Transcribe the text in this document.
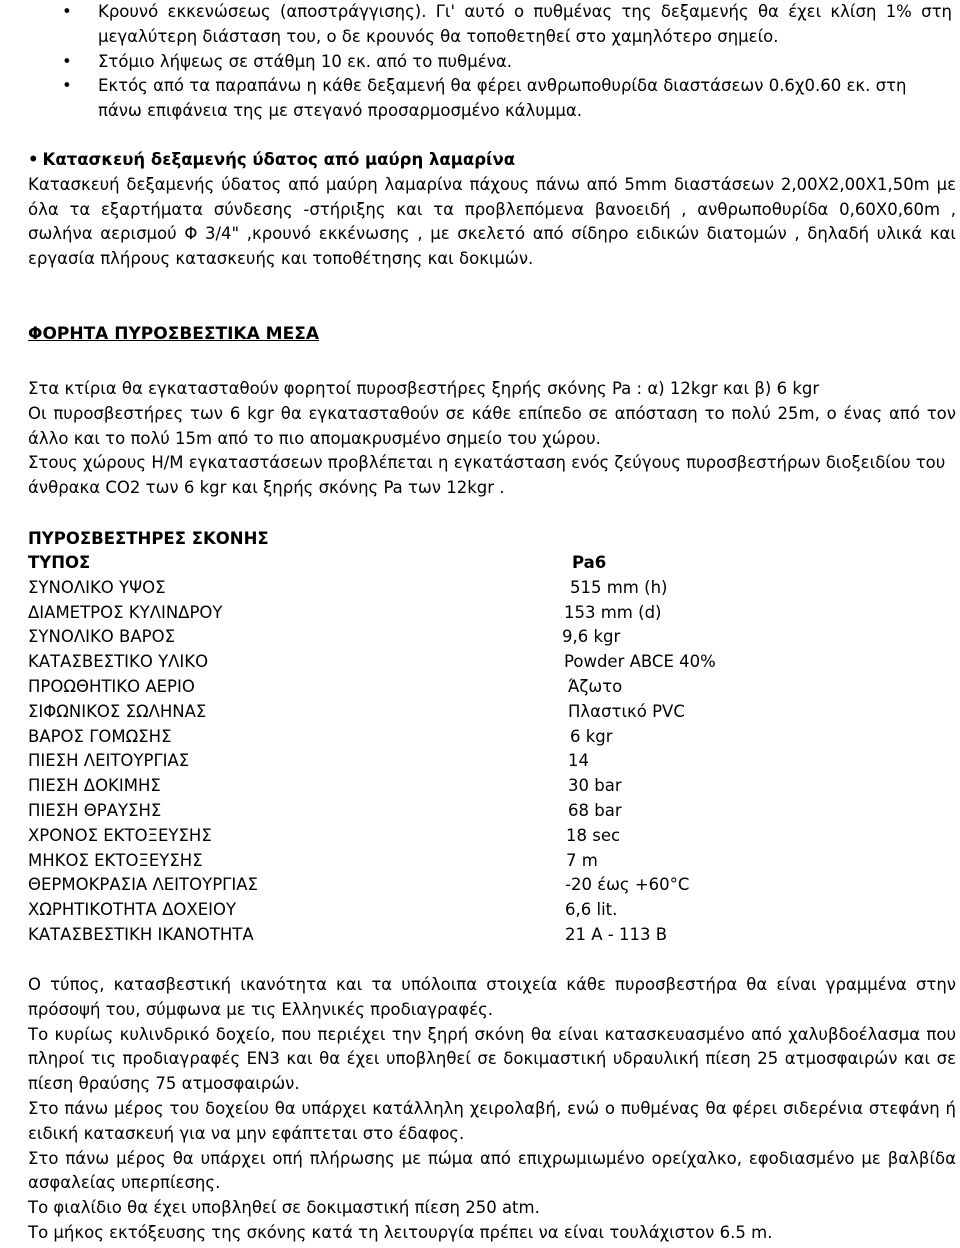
•	Κρουνό εκκενώσεως (αποστράγγισης). Γι' αυτό ο πυθμένας της δεξαμενής θα έχει κλίση 1% στη μεγαλύτερη διάσταση του, ο δε κρουνός θα τοποθετηθεί στο χαμηλότερο σημείο.
•	Στόμιο λήψεως σε στάθμη 10 εκ. από το πυθμένα.
•	Εκτός από τα παραπάνω η κάθε δεξαμενή θα φέρει ανθρωποθυρίδα διαστάσεων 0.6χ0.60 εκ. στη πάνω επιφάνεια της με στεγανό προσαρμοσμένο κάλυμμα.
• Κατασκευή δεξαμενής ύδατος από μαύρη λαμαρίνα
Κατασκευή δεξαμενής ύδατος από μαύρη λαμαρίνα πάχους πάνω από 5mm διαστάσεων 2,00Χ2,00Χ1,50m με όλα τα εξαρτήματα σύνδεσης -στήριξης και τα προβλεπόμενα βανοειδή , ανθρωποθυρίδα 0,60Χ0,60m , σωλήνα αερισμού Φ 3/4" ,κρουνό εκκένωσης , με σκελετό από σίδηρο ειδικών διατομών , δηλαδή υλικά και εργασία πλήρους κατασκευής και τοποθέτησης και δοκιμών.
ΦΟΡΗΤΑ ΠΥΡΟΣΒΕΣΤΙΚΑ ΜΕΣΑ
Στα κτίρια θα εγκατασταθούν φορητοί πυροσβεστήρες ξηρής σκόνης Pa : α) 12kgr και β) 6 kgr
Οι πυροσβεστήρες των 6 kgr θα εγκατασταθούν σε κάθε επίπεδο σε απόσταση το πολύ 25m, ο ένας από τον άλλο και το πολύ 15m από το πιο απομακρυσμένο σημείο του χώρου.
Στους χώρους Η/Μ εγκαταστάσεων προβλέπεται η εγκατάσταση ενός ζεύγους πυροσβεστήρων διοξειδίου του άνθρακα CO2 των 6 kgr και ξηρής σκόνης Pa των 12kgr .
ΠΥΡΟΣΒΕΣΤΗΡΕΣ ΣΚΟΝΗΣ
ΤΥΠΟΣ	Pa6
ΣΥΝΟΛΙΚΟ ΥΨΟΣ	515 mm (h)
ΔΙΑΜΕΤΡΟΣ ΚΥΛΙΝΔΡΟΥ	153 mm (d)
ΣΥΝΟΛΙΚΟ ΒΑΡΟΣ	9,6 kgr
ΚΑΤΑΣΒΕΣΤΙΚΟ ΥΛΙΚΟ	Powder ABCE 40%
ΠΡΟΩΘΗΤΙΚΟ ΑΕΡΙΟ	Άζωτο
ΣΙΦΩΝΙΚΟΣ ΣΩΛΗΝΑΣ	Πλαστικό PVC
ΒΑΡΟΣ ΓΟΜΩΣΗΣ	6 kgr
ΠΙΕΣΗ ΛΕΙΤΟΥΡΓΙΑΣ	14
ΠΙΕΣΗ ΔΟΚΙΜΗΣ	30 bar
ΠΙΕΣΗ ΘΡΑΥΣΗΣ	68 bar
ΧΡΟΝΟΣ ΕΚΤΟΞΕΥΣΗΣ	18 sec
ΜΗΚΟΣ ΕΚΤΟΞΕΥΣΗΣ	7 m
ΘΕΡΜΟΚΡΑΣΙΑ ΛΕΙΤΟΥΡΓΙΑΣ	-20 έως +60°C
ΧΩΡΗΤΙΚΟΤΗΤΑ ΔΟΧΕΙΟΥ	6,6 lit.
ΚΑΤΑΣΒΕΣΤΙΚΗ ΙΚΑΝΟΤΗΤΑ	21 A - 113 B
Ο τύπος, κατασβεστική ικανότητα και τα υπόλοιπα στοιχεία κάθε πυροσβεστήρα θα είναι γραμμένα στην πρόσοψή του, σύμφωνα με τις Ελληνικές προδιαγραφές.
Το κυρίως κυλινδρικό δοχείο, που περιέχει την ξηρή σκόνη θα είναι κατασκευασμένο από χαλυβδοέλασμα που πληροί τις προδιαγραφές EN3 και θα έχει υποβληθεί σε δοκιμαστική υδραυλική πίεση 25 ατμοσφαιρών και σε πίεση θραύσης 75 ατμοσφαιρών.
Στο πάνω μέρος του δοχείου θα υπάρχει κατάλληλη χειρολαβή, ενώ ο πυθμένας θα φέρει σιδερένια στεφάνη ή ειδική κατασκευή για να μην εφάπτεται στο έδαφος.
Στο πάνω μέρος θα υπάρχει οπή πλήρωσης με πώμα από επιχρωμιωμένο ορείχαλκο, εφοδιασμένο με βαλβίδα ασφαλείας υπερπίεσης.
Το φιαλίδιο θα έχει υποβληθεί σε δοκιμαστική πίεση 250 atm.
Το μήκος εκτόξευσης της σκόνης κατά τη λειτουργία πρέπει να είναι τουλάχιστον 6.5 m.
